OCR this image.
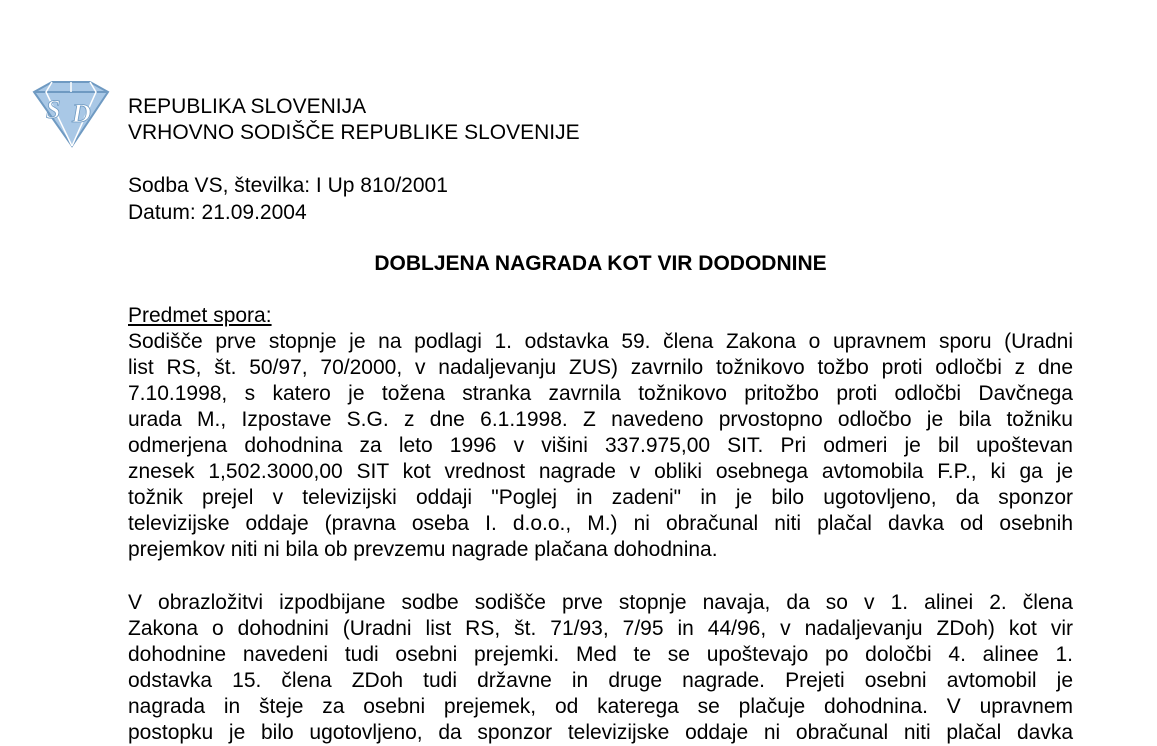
S D REPUBLIKA SLOVENIJA
VRHOVNO SODIŠČE REPUBLIKE SLOVENIJE
Sodba VS, številka: I Up 810/2001
Datum: 21.09.2004
DOBLJENA NAGRADA KOT VIR DODODNINE
Predmet spora:
Sodišče prve stopnje je na podlagi 1. odstavka 59. člena Zakona o upravnem sporu (Uradni
list RS, št. 50/97, 70/2000, v nadaljevanju ZUS) zavrnilo tožnikovo tožbo proti odločbi z dne
7.10.1998, s katero je tožena stranka zavrnila tožnikovo pritožbo proti odločbi Davčnega
urada M., Izpostave S.G. z dne 6.1.1998. Z navedeno prvostopno odločbo je bila tožniku
odmerjena dohodnina za leto 1996 v višini 337.975,00 SIT. Pri odmeri je bil upoštevan
znesek 1,502.3000,00 SIT kot vrednost nagrade v obliki osebnega avtomobila F.P., ki ga je
tožnik prejel v televizijski oddaji "Poglej in zadeni" in je bilo ugotovljeno, da sponzor
televizijske oddaje (pravna oseba I. d.o.o., M.) ni obračunal niti plačal davka od osebnih
prejemkov niti ni bila ob prevzemu nagrade plačana dohodnina.
V obrazložitvi izpodbijane sodbe sodišče prve stopnje navaja, da so v 1. alinei 2. člena
Zakona o dohodnini (Uradni list RS, št. 71/93, 7/95 in 44/96, v nadaljevanju ZDoh) kot vir
dohodnine navedeni tudi osebni prejemki. Med te se upoštevajo po določbi 4. alinee 1.
odstavka 15. člena ZDoh tudi državne in druge nagrade. Prejeti osebni avtomobil je
nagrada in šteje za osebni prejemek, od katerega se plačuje dohodnina. V upravnem
postopku je bilo ugotovljeno, da sponzor televizijske oddaje ni obračunal niti plačal davka
